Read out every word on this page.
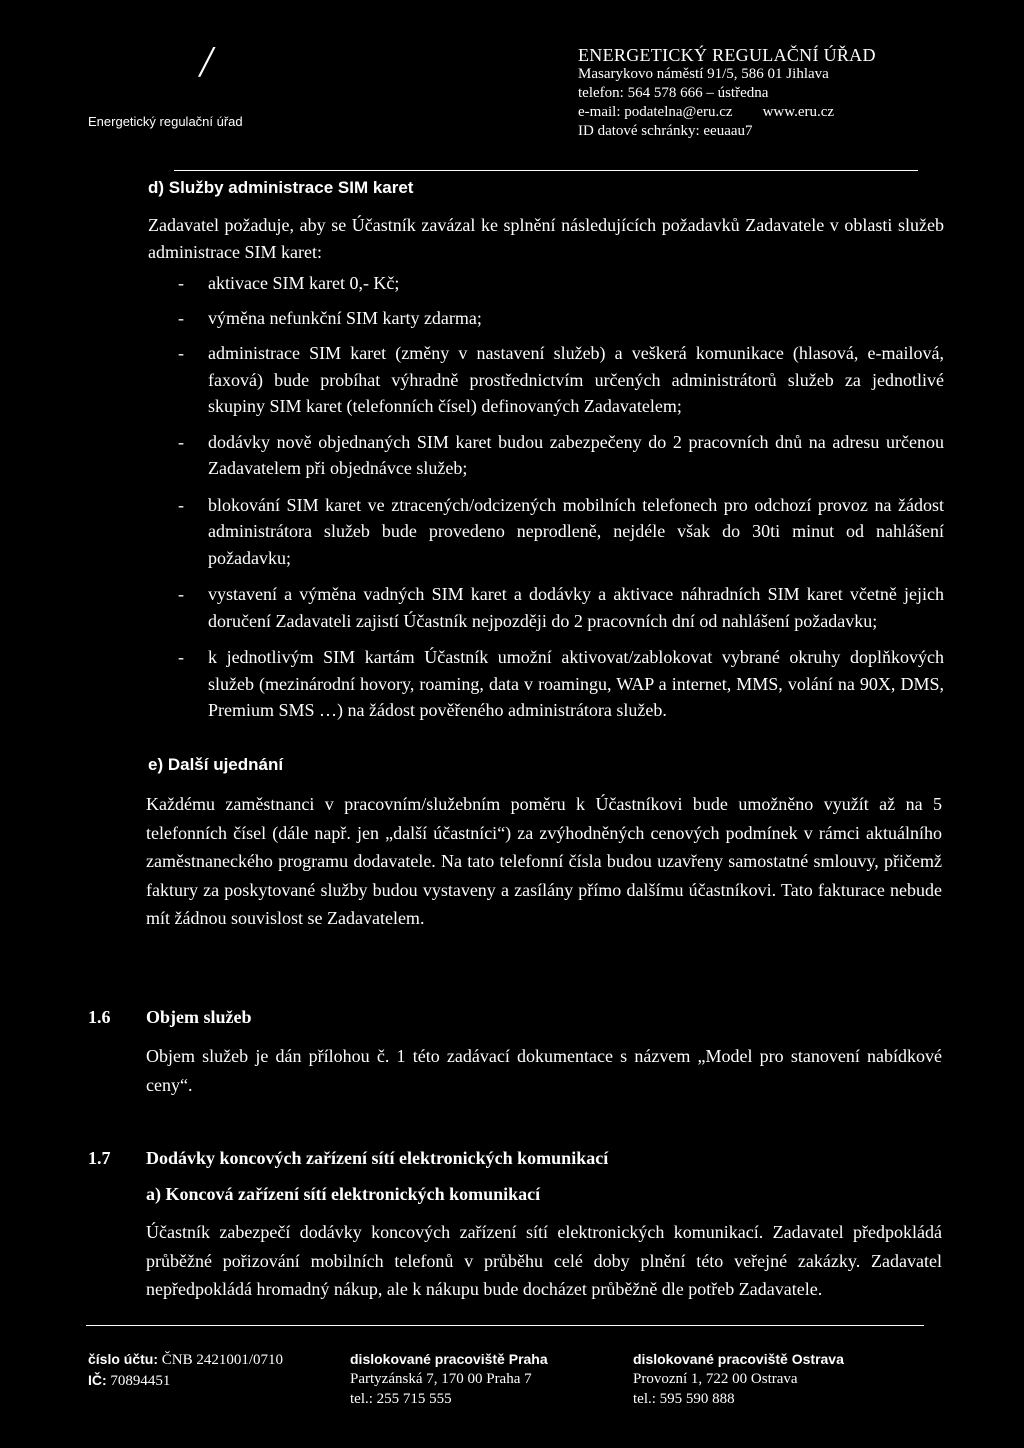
/
Energetický regulační úřad
ENERGETICKÝ REGULAČNÍ ÚŘAD
Masarykovo náměstí 91/5, 586 01 Jihlava
telefon: 564 578 666 – ústředna
e-mail: podatelna@eru.cz www.eru.cz
ID datové schránky: eeuaau7
d) Služby administrace SIM karet
Zadavatel požaduje, aby se Účastník zavázal ke splnění následujících požadavků Zadavatele v oblasti služeb administrace SIM karet:
- aktivace SIM karet 0,- Kč;
- výměna nefunkční SIM karty zdarma;
- administrace SIM karet (změny v nastavení služeb) a veškerá komunikace (hlasová, e-mailová, faxová) bude probíhat výhradně prostřednictvím určených administrátorů služeb za jednotlivé skupiny SIM karet (telefonních čísel) definovaných Zadavatelem;
- dodávky nově objednaných SIM karet budou zabezpečeny do 2 pracovních dnů na adresu určenou Zadavatelem při objednávce služeb;
- blokování SIM karet ve ztracených/odcizených mobilních telefonech pro odchozí provoz na žádost administrátora služeb bude provedeno neprodleně, nejdéle však do 30ti minut od nahlášení požadavku;
- vystavení a výměna vadných SIM karet a dodávky a aktivace náhradních SIM karet včetně jejich doručení Zadavateli zajistí Účastník nejpozději do 2 pracovních dní od nahlášení požadavku;
- k jednotlivým SIM kartám Účastník umožní aktivovat/zablokovat vybrané okruhy doplňkových služeb (mezinárodní hovory, roaming, data v roamingu, WAP a internet, MMS, volání na 90X, DMS, Premium SMS …) na žádost pověřeného administrátora služeb.
e) Další ujednání
Každému zaměstnanci v pracovním/služebním poměru k Účastníkovi bude umožněno využít až na 5 telefonních čísel (dále např. jen „další účastníci“) za zvýhodněných cenových podmínek v rámci aktuálního zaměstnaneckého programu dodavatele. Na tato telefonní čísla budou uzavřeny samostatné smlouvy, přičemž faktury za poskytované služby budou vystaveny a zasílány přímo dalšímu účastníkovi. Tato fakturace nebude mít žádnou souvislost se Zadavatelem.
1.6 Objem služeb
Objem služeb je dán přílohou č. 1 této zadávací dokumentace s názvem „Model pro stanovení nabídkové ceny“.
1.7 Dodávky koncových zařízení sítí elektronických komunikací
a) Koncová zařízení sítí elektronických komunikací
Účastník zabezpečí dodávky koncových zařízení sítí elektronických komunikací. Zadavatel předpokládá průběžné pořizování mobilních telefonů v průběhu celé doby plnění této veřejné zakázky. Zadavatel nepředpokládá hromadný nákup, ale k nákupu bude docházet průběžně dle potřeb Zadavatele.
číslo účtu: ČNB 2421001/0710
IČ: 70894451
dislokované pracoviště Praha
Partyzánská 7, 170 00 Praha 7
tel.: 255 715 555
dislokované pracoviště Ostrava
Provozní 1, 722 00 Ostrava
tel.: 595 590 888
